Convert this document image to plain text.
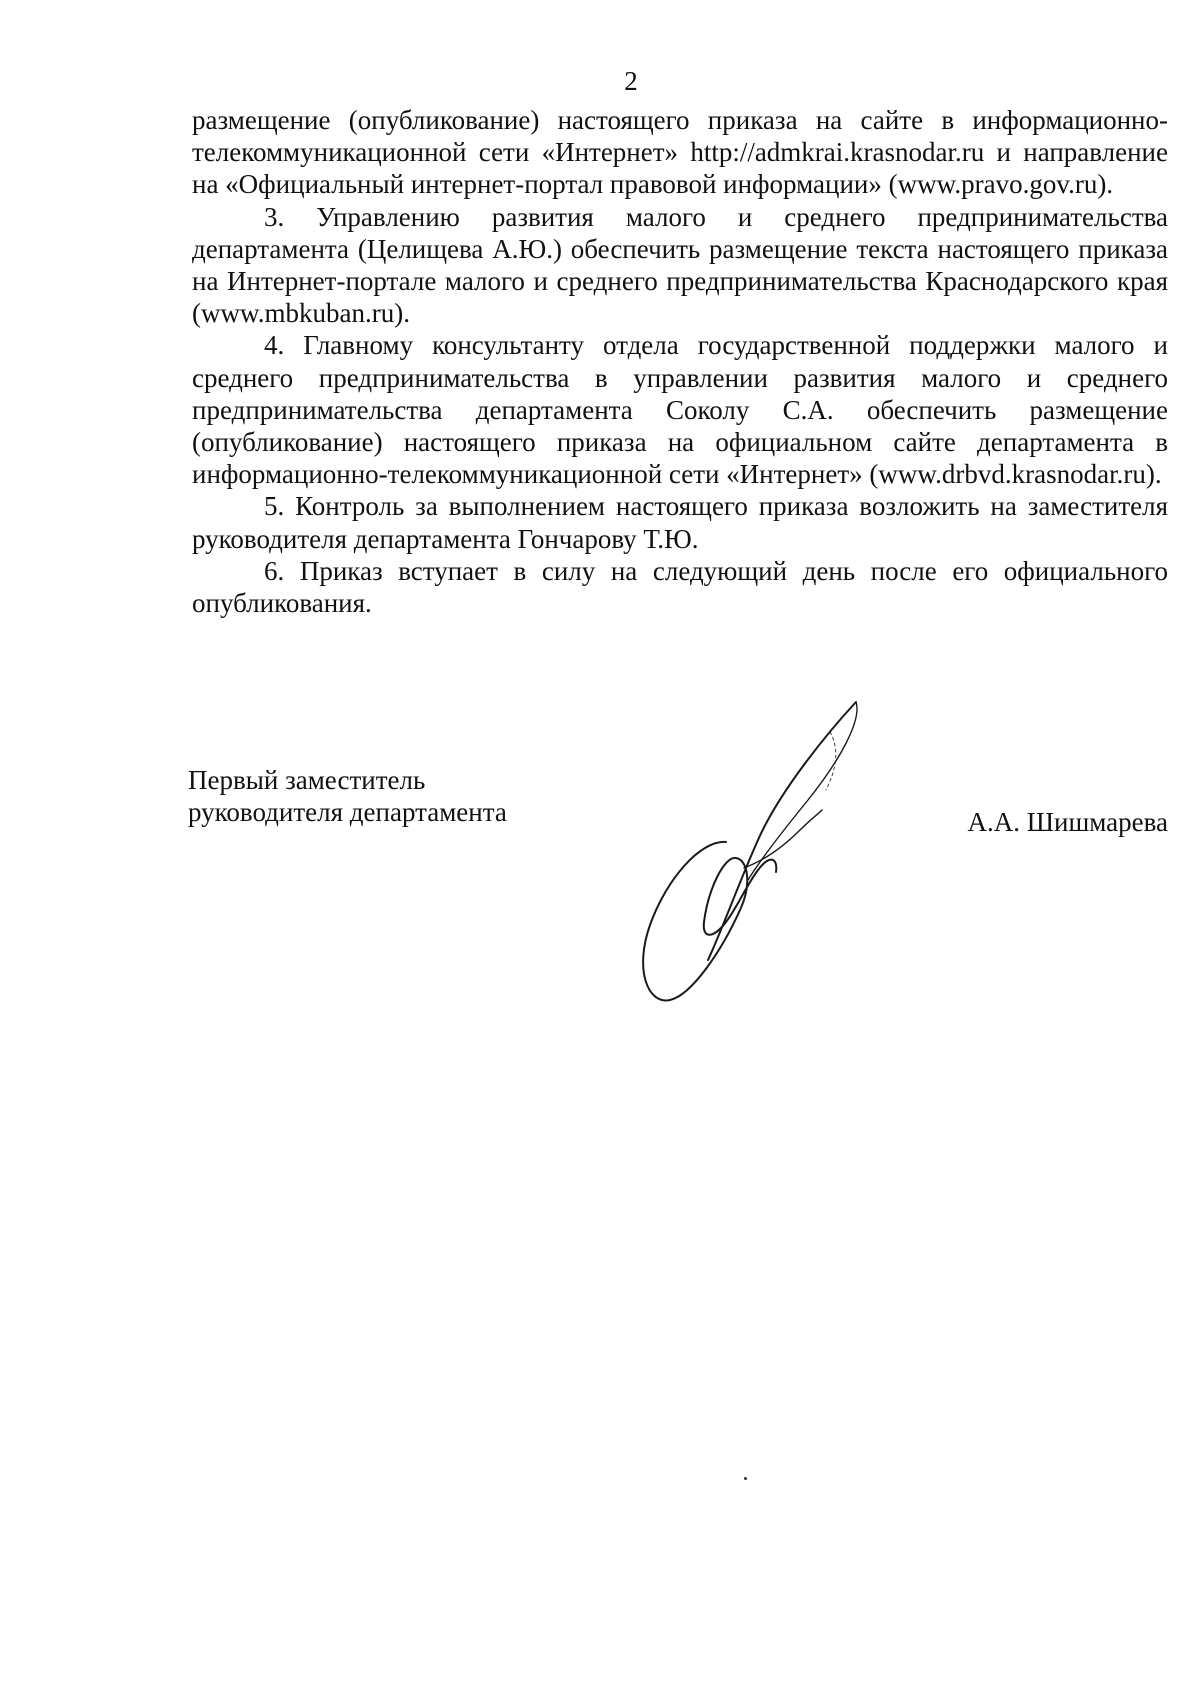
2

размещение (опубликование) настоящего приказа на сайте в информационно-телекоммуникационной сети «Интернет» http://admkrai.krasnodar.ru и направление на «Официальный интернет-портал правовой информации» (www.pravo.gov.ru).

3. Управлению развития малого и среднего предпринимательства департамента (Целищева А.Ю.) обеспечить размещение текста настоящего приказа на Интернет-портале малого и среднего предпринимательства Краснодарского края (www.mbkuban.ru).

4. Главному консультанту отдела государственной поддержки малого и среднего предпринимательства в управлении развития малого и среднего предпринимательства департамента Соколу С.А. обеспечить размещение (опубликование) настоящего приказа на официальном сайте департамента в информационно-телекоммуникационной сети «Интернет» (www.drbvd.krasnodar.ru).

5. Контроль за выполнением настоящего приказа возложить на заместителя руководителя департамента Гончарову Т.Ю.

6. Приказ вступает в силу на следующий день после его официального опубликования.

Первый заместитель
руководителя департамента	А.А. Шишмарева
